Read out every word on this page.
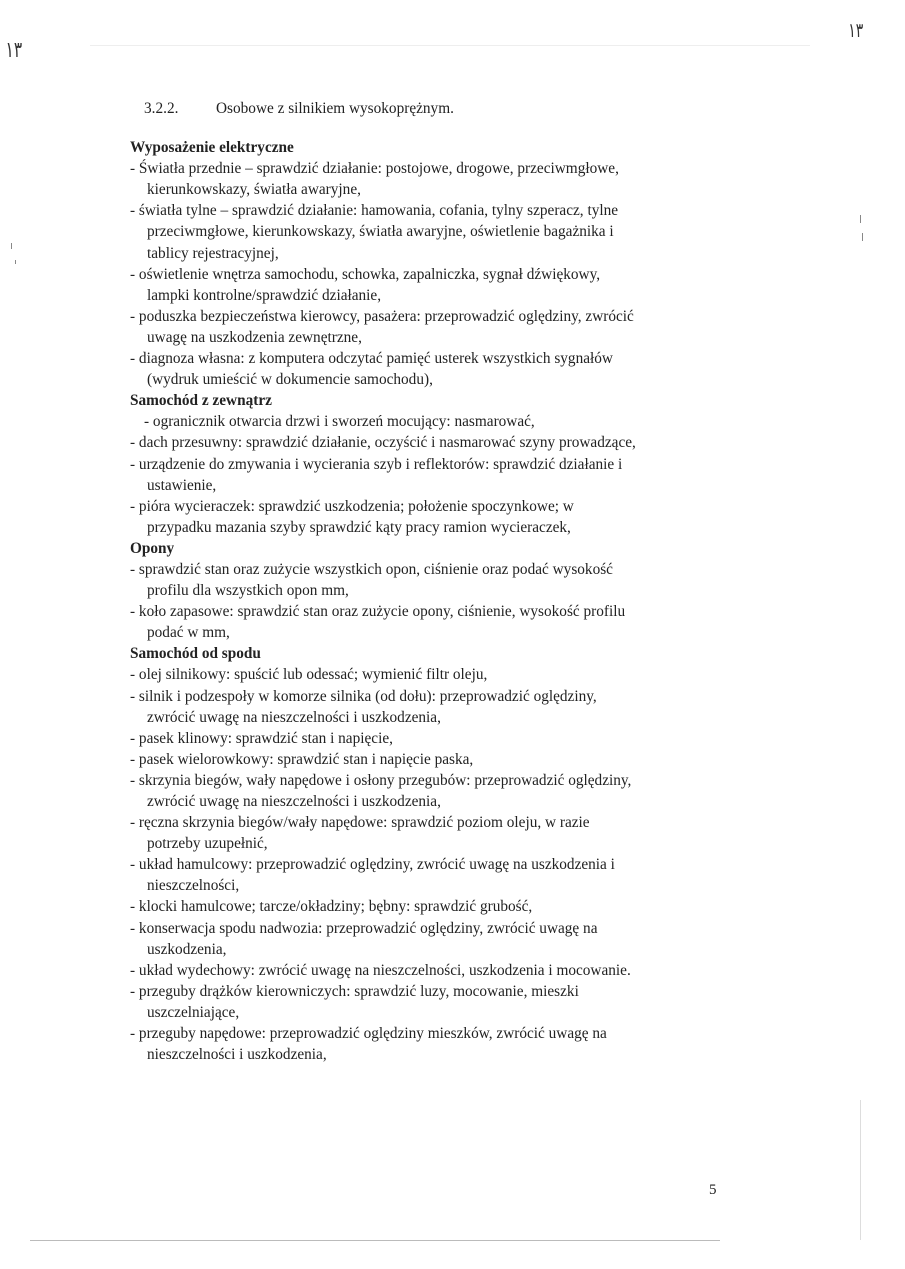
١٣
١٣
3.2.2. Osobowe z silnikiem wysokoprężnym.
Wyposażenie elektryczne
- Światła przednie – sprawdzić działanie: postojowe, drogowe, przeciwmgłowe,
kierunkowskazy, światła awaryjne,
- światła tylne – sprawdzić działanie: hamowania, cofania, tylny szperacz, tylne
przeciwmgłowe, kierunkowskazy, światła awaryjne, oświetlenie bagażnika i
tablicy rejestracyjnej,
- oświetlenie wnętrza samochodu, schowka, zapalniczka, sygnał dźwiękowy,
lampki kontrolne/sprawdzić działanie,
- poduszka bezpieczeństwa kierowcy, pasażera: przeprowadzić oględziny, zwrócić
uwagę na uszkodzenia zewnętrzne,
- diagnoza własna: z komputera odczytać pamięć usterek wszystkich sygnałów
(wydruk umieścić w dokumencie samochodu),
Samochód z zewnątrz
- ogranicznik otwarcia drzwi i sworzeń mocujący: nasmarować,
- dach przesuwny: sprawdzić działanie, oczyścić i nasmarować szyny prowadzące,
- urządzenie do zmywania i wycierania szyb i reflektorów: sprawdzić działanie i
ustawienie,
- pióra wycieraczek: sprawdzić uszkodzenia; położenie spoczynkowe; w
przypadku mazania szyby sprawdzić kąty pracy ramion wycieraczek,
Opony
- sprawdzić stan oraz zużycie wszystkich opon, ciśnienie oraz podać wysokość
profilu dla wszystkich opon mm,
- koło zapasowe: sprawdzić stan oraz zużycie opony, ciśnienie, wysokość profilu
podać w mm,
Samochód od spodu
- olej silnikowy: spuścić lub odessać; wymienić filtr oleju,
- silnik i podzespoły w komorze silnika (od dołu): przeprowadzić oględziny,
zwrócić uwagę na nieszczelności i uszkodzenia,
- pasek klinowy: sprawdzić stan i napięcie,
- pasek wielorowkowy: sprawdzić stan i napięcie paska,
- skrzynia biegów, wały napędowe i osłony przegubów: przeprowadzić oględziny,
zwrócić uwagę na nieszczelności i uszkodzenia,
- ręczna skrzynia biegów/wały napędowe: sprawdzić poziom oleju, w razie
potrzeby uzupełnić,
- układ hamulcowy: przeprowadzić oględziny, zwrócić uwagę na uszkodzenia i
nieszczelności,
- klocki hamulcowe; tarcze/okładziny; bębny: sprawdzić grubość,
- konserwacja spodu nadwozia: przeprowadzić oględziny, zwrócić uwagę na
uszkodzenia,
- układ wydechowy: zwrócić uwagę na nieszczelności, uszkodzenia i mocowanie.
- przeguby drążków kierowniczych: sprawdzić luzy, mocowanie, mieszki
uszczelniające,
- przeguby napędowe: przeprowadzić oględziny mieszków, zwrócić uwagę na
nieszczelności i uszkodzenia,
5
